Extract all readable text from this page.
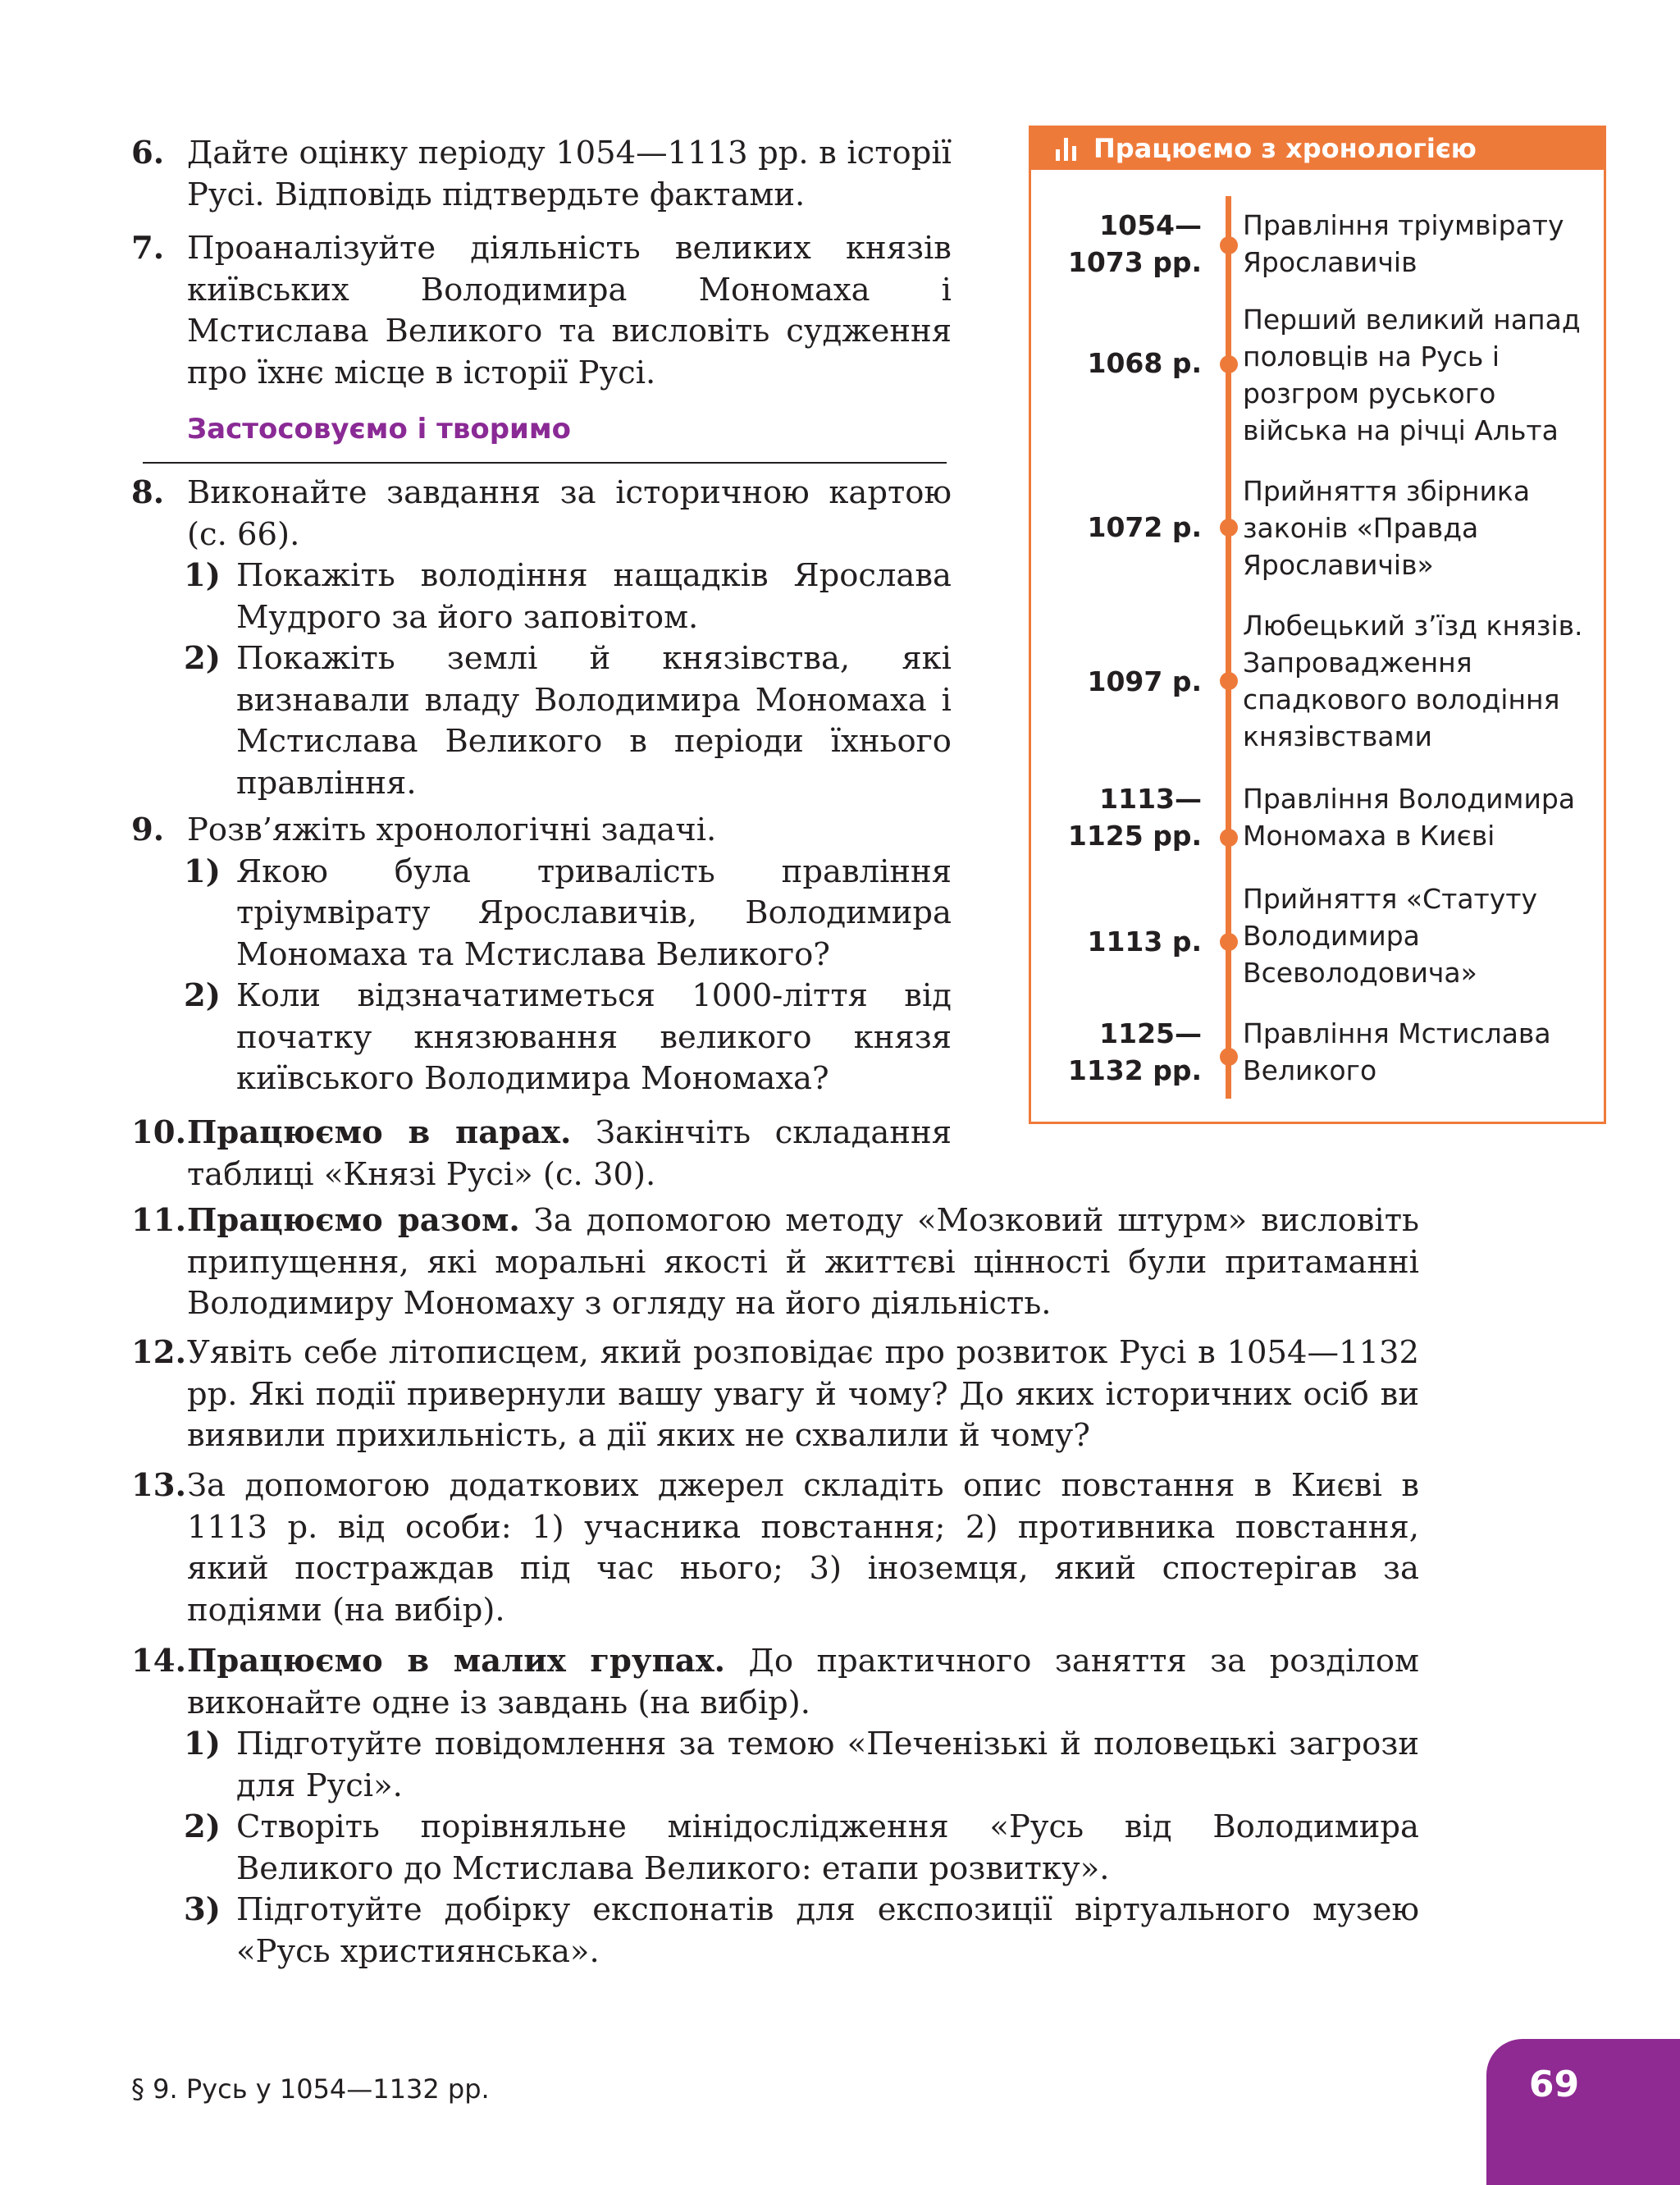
6. Дайте оцінку періоду 1054—1113 рр. в історії Русі. Відповідь підтвердьте фактами.
7. Проаналізуйте діяльність великих князів київських Володимира Мономаха і Мстислава Великого та висловіть судження про їхнє місце в історії Русі.
Застосовуємо і творимо
8. Виконайте завдання за історичною картою (с. 66).
1) Покажіть володіння нащадків Ярослава Мудрого за його заповітом.
2) Покажіть землі й князівства, які визнавали владу Володимира Мономаха і Мстислава Великого в періоди їхнього правління.
9. Розв’яжіть хронологічні задачі.
1) Якою була тривалість правління тріумвірату Ярославичів, Володимира Мономаха та Мстислава Великого?
2) Коли відзначатиметься 1000-ліття від початку князювання великого князя київського Володимира Мономаха?
10. Працюємо в парах. Закінчіть складання таблиці «Князі Русі» (с. 30).
11. Працюємо разом. За допомогою методу «Мозковий штурм» висловіть припущення, які моральні якості й життєві цінності були притаманні Володимиру Мономаху з огляду на його діяльність.
12. Уявіть себе літописцем, який розповідає про розвиток Русі в 1054—1132 рр. Які події привернули вашу увагу й чому? До яких історичних осіб ви виявили прихильність, а дії яких не схвалили й чому?
13. За допомогою додаткових джерел складіть опис повстання в Києві в 1113 р. від особи: 1) учасника повстання; 2) противника повстання, який постраждав під час нього; 3) іноземця, який спостерігав за подіями (на вибір).
14. Працюємо в малих групах. До практичного заняття за розділом виконайте одне із завдань (на вибір).
1) Підготуйте повідомлення за темою «Печенізькі й половецькі загрози для Русі».
2) Створіть порівняльне мінідослідження «Русь від Володимира Великого до Мстислава Великого: етапи розвитку».
3) Підготуйте добірку експонатів для експозиції віртуального музею «Русь християнська».
Працюємо з хронологією
1054—
1073 рр.
Правління тріумвірату Ярославичів
1068 р.
Перший великий напад половців на Русь і розгром руського війська на річці Альта
1072 р.
Прийняття збірника законів «Правда Ярославичів»
1097 р.
Любецький з’їзд князів. Запровадження спадкового володіння князівствами
1113—
1125 рр.
Правління Володимира Мономаха в Києві
1113 р.
Прийняття «Статуту Володимира Всеволодовича»
1125—
1132 рр.
Правління Мстислава Великого
§ 9. Русь у 1054—1132 рр.	69
